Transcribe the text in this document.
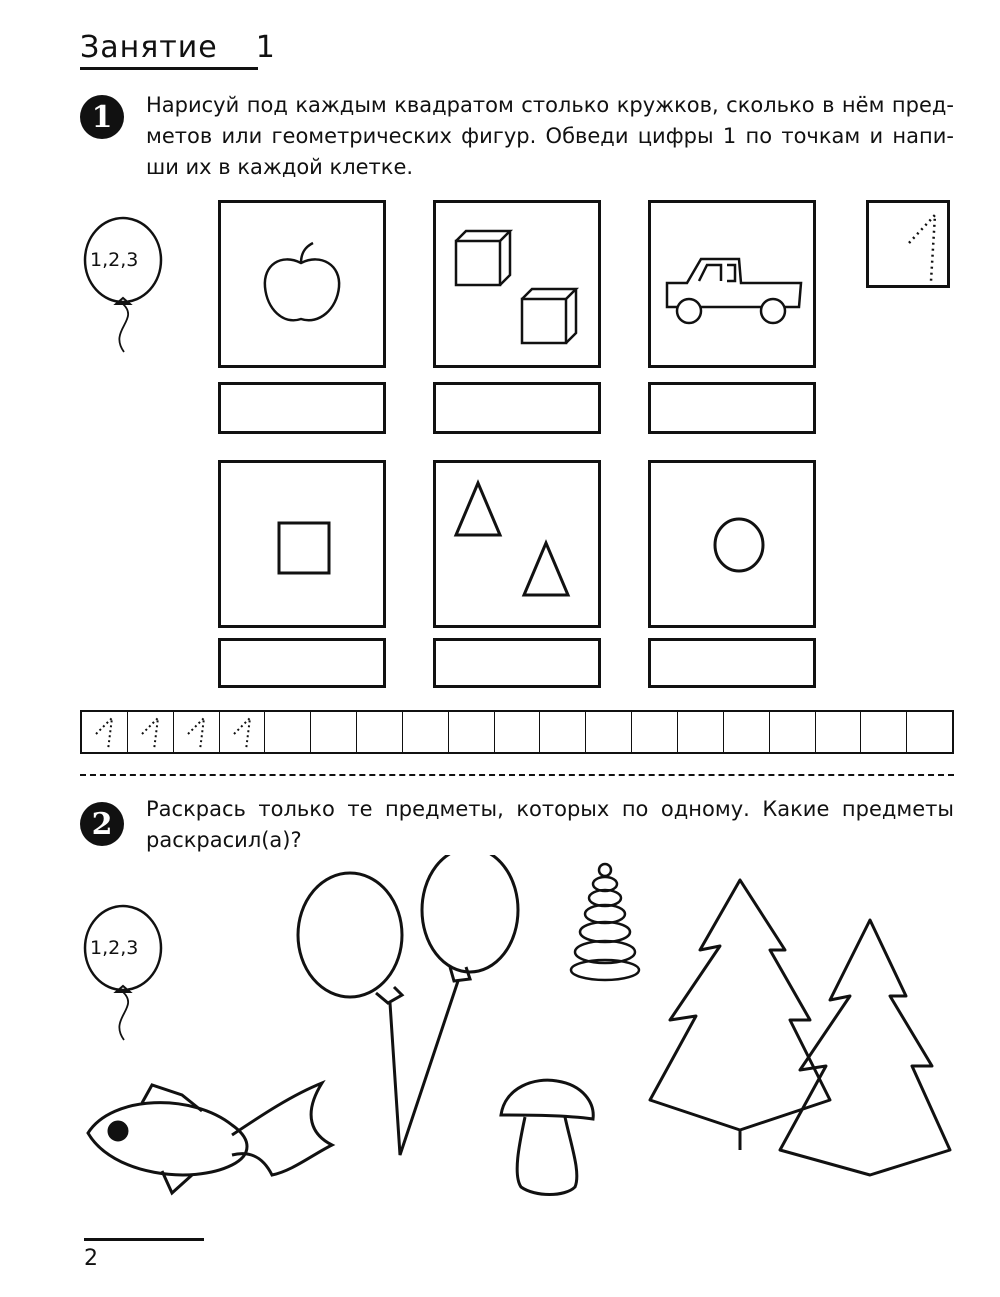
Занятие 1
1 Нарисуй под каждым квадратом столько кружков, сколько в нём пред-
метов или геометрических фигур. Обведи цифры 1 по точкам и напи-
ши их в каждой клетке.
1,2,3
2 Раскрась только те предметы, которых по одному. Какие предметы
раскрасил(а)?
1,2,3
2
